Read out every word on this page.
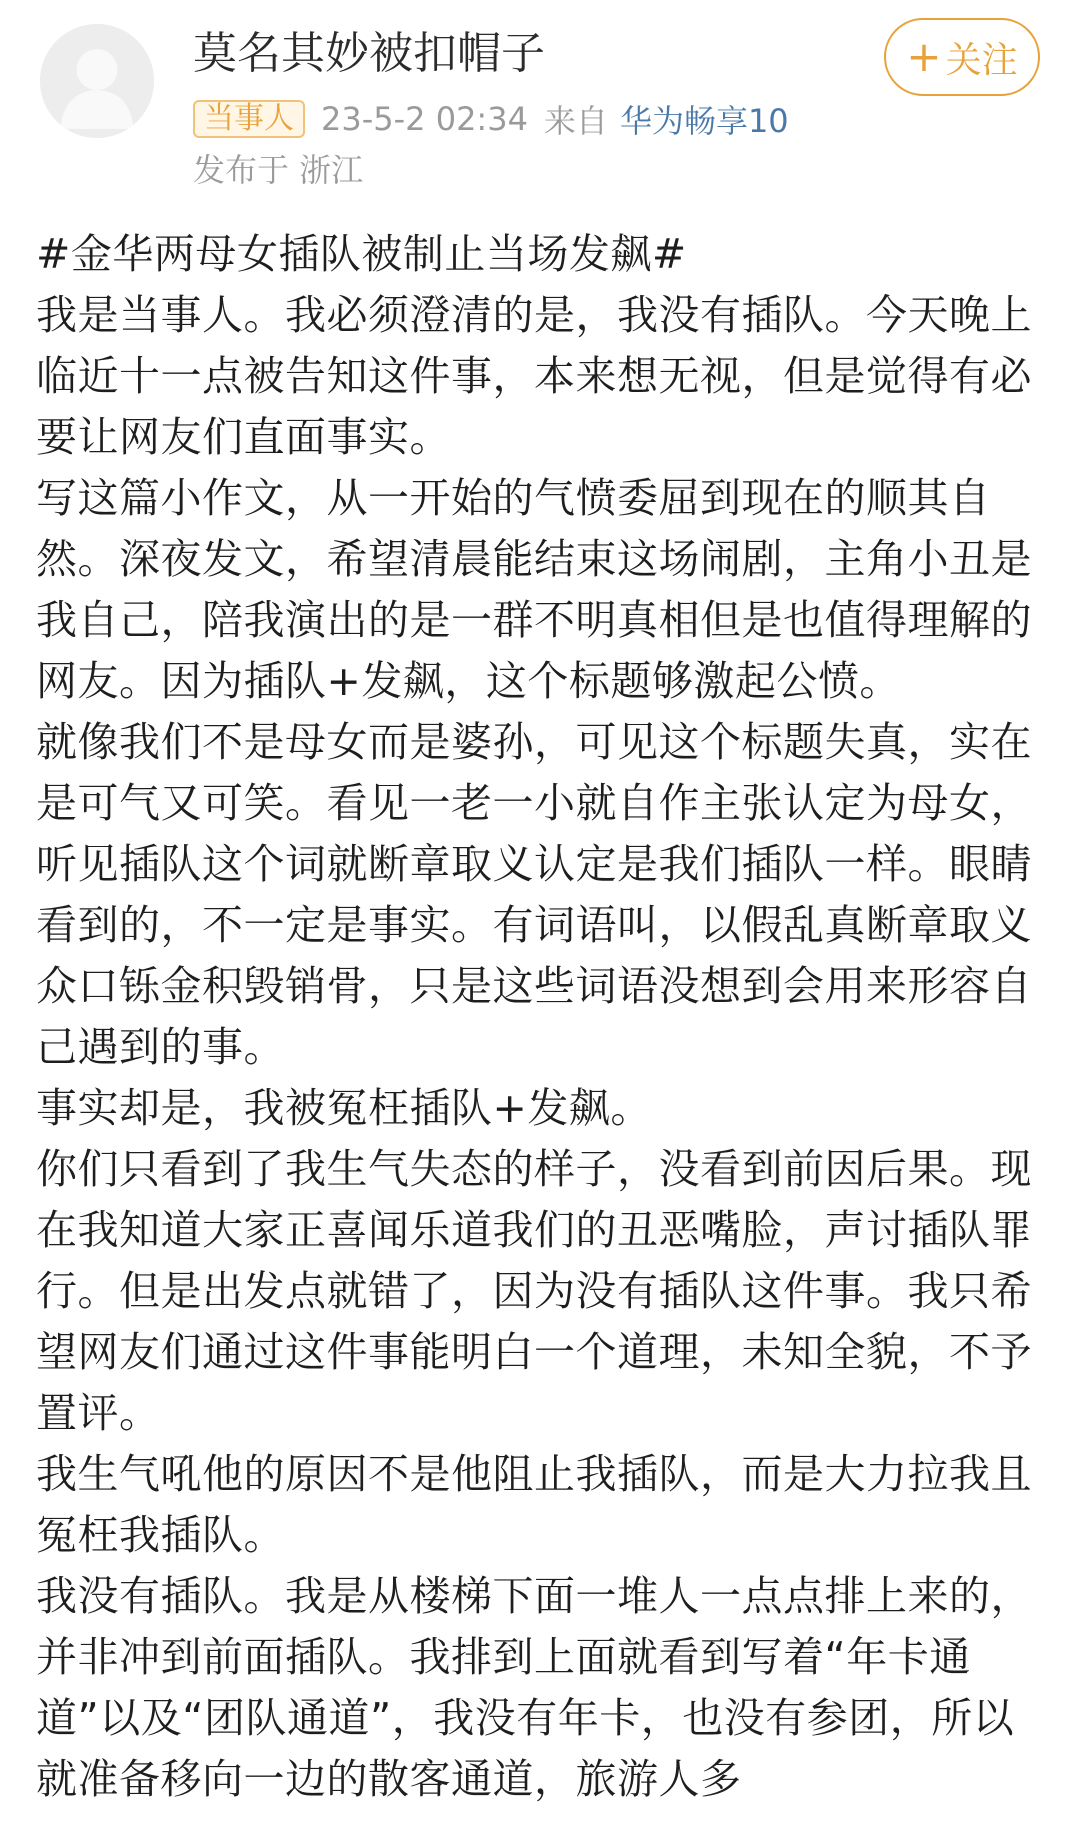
莫名其妙被扣帽子
当事人 23-5-2 02:34 来自 华为畅享10
发布于 浙江
+ 关注

#金华两母女插队被制止当场发飙#

我是当事人。我必须澄清的是，我没有插队。今天晚上临近十一点被告知这件事，本来想无视，但是觉得有必要让网友们直面事实。

写这篇小作文，从一开始的气愤委屈到现在的顺其自然。深夜发文，希望清晨能结束这场闹剧，主角小丑是我自己，陪我演出的是一群不明真相但是也值得理解的网友。因为插队+发飙，这个标题够激起公愤。

就像我们不是母女而是婆孙，可见这个标题失真，实在是可气又可笑。看见一老一小就自作主张认定为母女，听见插队这个词就断章取义认定是我们插队一样。眼睛看到的，不一定是事实。有词语叫，以假乱真断章取义众口铄金积毁销骨，只是这些词语没想到会用来形容自己遇到的事。

事实却是，我被冤枉插队+发飙。

你们只看到了我生气失态的样子，没看到前因后果。现在我知道大家正喜闻乐道我们的丑恶嘴脸，声讨插队罪行。但是出发点就错了，因为没有插队这件事。我只希望网友们通过这件事能明白一个道理，未知全貌，不予置评。

我生气吼他的原因不是他阻止我插队，而是大力拉我且冤枉我插队。

我没有插队。我是从楼梯下面一堆人一点点排上来的，并非冲到前面插队。我排到上面就看到写着“年卡通道”以及“团队通道”，我没有年卡，也没有参团，所以就准备移向一边的散客通道，旅游人多
